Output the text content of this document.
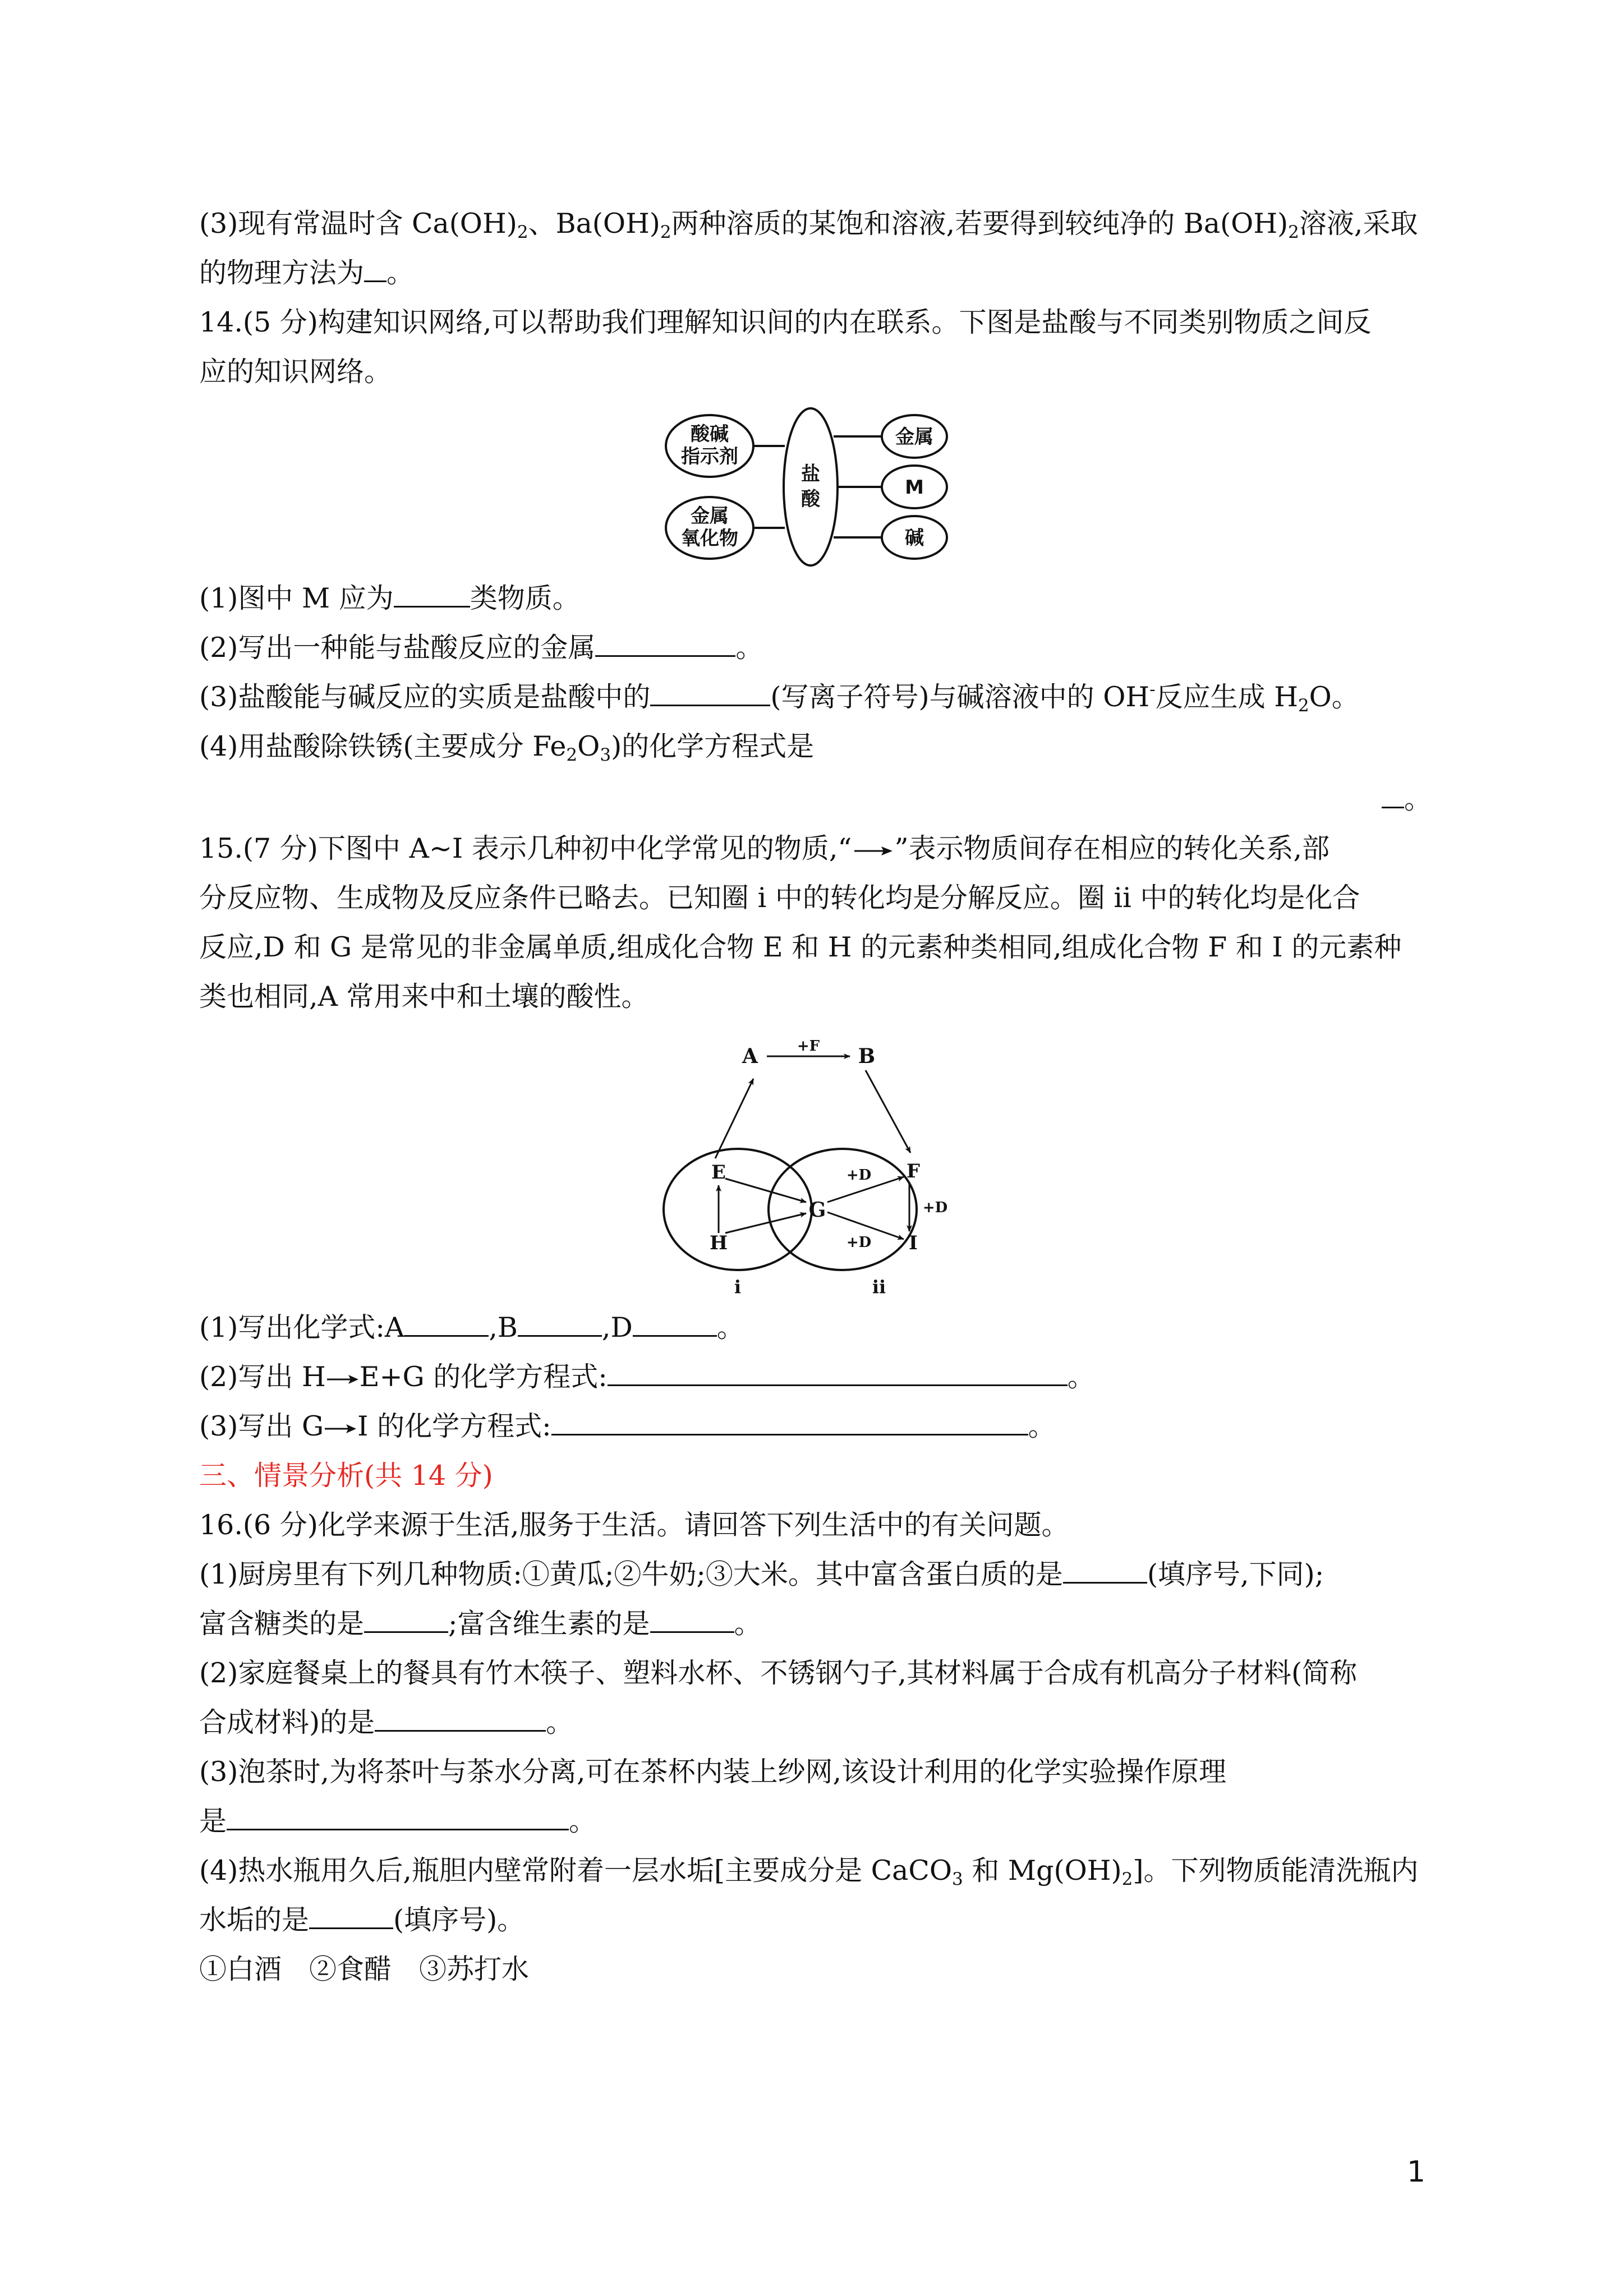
(3)现有常温时含 $Ca(OH)_2$、$Ba(OH)_2$两种溶质的某饱和溶液,若要得到较纯净的 $Ba(OH)_2$溶液,采取

的物理方法为 。

14.(5 分)构建知识网络,可以帮助我们理解知识间的内在联系。下图是盐酸与不同类别物质之间反

应的知识网络。

酸碱
指示剂
金属
氧化物
盐
酸
金属
M
碱

(1)图中 M 应为	类物质。

(2)写出一种能与盐酸反应的金属	。

(3)盐酸能与碱反应的实质是盐酸中的	(写离子符号)与碱溶液中的 OH-反应生成 $H_2O$。

(4)用盐酸除铁锈(主要成分 $Fe_2O_3$)的化学方程式是

。

15.(7 分)下图中 A~I 表示几种初中化学常见的物质,“ ”表示物质间存在相应的转化关系,部

分反应物、生成物及反应条件已略去。已知圈 i 中的转化均是分解反应。圈 ii 中的转化均是化合

反应,D 和 G 是常见的非金属单质,组成化合物 E 和 H 的元素种类相同,组成化合物 F 和 I 的元素种

类也相同,A 常用来中和土壤的酸性。

A	B
+F
E
H
G
F
I
+D
+D
+D
i	ii

(1)写出化学式:A	,B	,D	。

(2)写出 H E+G 的化学方程式:	。

(3)写出 G I 的化学方程式:	。

三、情景分析(共 14 分)

16.(6 分)化学来源于生活,服务于生活。请回答下列生活中的有关问题。

(1)厨房里有下列几种物质:①黄瓜;②牛奶;③大米。其中富含蛋白质的是	(填序号,下同);

富含糖类的是	;富含维生素的是	。

(2)家庭餐桌上的餐具有竹木筷子、塑料水杯、不锈钢勺子,其材料属于合成有机高分子材料(简称

合成材料)的是	。

(3)泡茶时,为将茶叶与茶水分离,可在茶杯内装上纱网,该设计利用的化学实验操作原理

是	。

(4)热水瓶用久后,瓶胆内壁常附着一层水垢[主要成分是 CaCO$_3$ 和 $Mg(OH)_2$]。下列物质能清洗瓶内

水垢的是	(填序号)。

①白酒　②食醋　③苏打水

1
